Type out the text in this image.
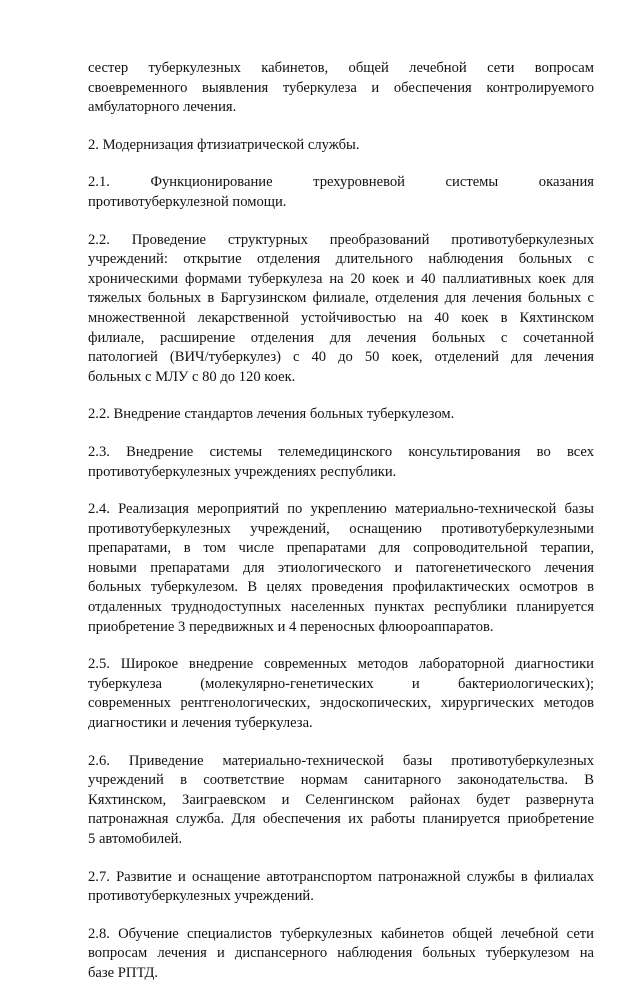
сестер туберкулезных кабинетов, общей лечебной сети вопросам
своевременного выявления туберкулеза и обеспечения контролируемого
амбулаторного лечения.
2. Модернизация фтизиатрической службы.
2.1. Функционирование трехуровневой системы оказания
противотуберкулезной помощи.
2.2. Проведение структурных преобразований противотуберкулезных
учреждений: открытие отделения длительного наблюдения больных с
хроническими формами туберкулеза на 20 коек и 40 паллиативных коек для
тяжелых больных в Баргузинском филиале, отделения для лечения больных с
множественной лекарственной устойчивостью на 40 коек в Кяхтинском
филиале, расширение отделения для лечения больных с сочетанной
патологией (ВИЧ/туберкулез) с 40 до 50 коек, отделений для лечения
больных с МЛУ с 80 до 120 коек.
2.2. Внедрение стандартов лечения больных туберкулезом.
2.3. Внедрение системы телемедицинского консультирования во всех
противотуберкулезных учреждениях республики.
2.4. Реализация мероприятий по укреплению материально-технической базы
противотуберкулезных учреждений, оснащению противотуберкулезными
препаратами, в том числе препаратами для сопроводительной терапии,
новыми препаратами для этиологического и патогенетического лечения
больных туберкулезом. В целях проведения профилактических осмотров в
отдаленных труднодоступных населенных пунктах республики планируется
приобретение 3 передвижных и 4 переносных флюороаппаратов.
2.5. Широкое внедрение современных методов лабораторной диагностики
туберкулеза (молекулярно-генетических и бактериологических);
современных рентгенологических, эндоскопических, хирургических методов
диагностики и лечения туберкулеза.
2.6. Приведение материально-технической базы противотуберкулезных
учреждений в соответствие нормам санитарного законодательства. В
Кяхтинском, Заиграевском и Селенгинском районах будет развернута
патронажная служба. Для обеспечения их работы планируется приобретение
5 автомобилей.
2.7. Развитие и оснащение автотранспортом патронажной службы в филиалах
противотуберкулезных учреждений.
2.8. Обучение специалистов туберкулезных кабинетов общей лечебной сети
вопросам лечения и диспансерного наблюдения больных туберкулезом на
базе РПТД.
